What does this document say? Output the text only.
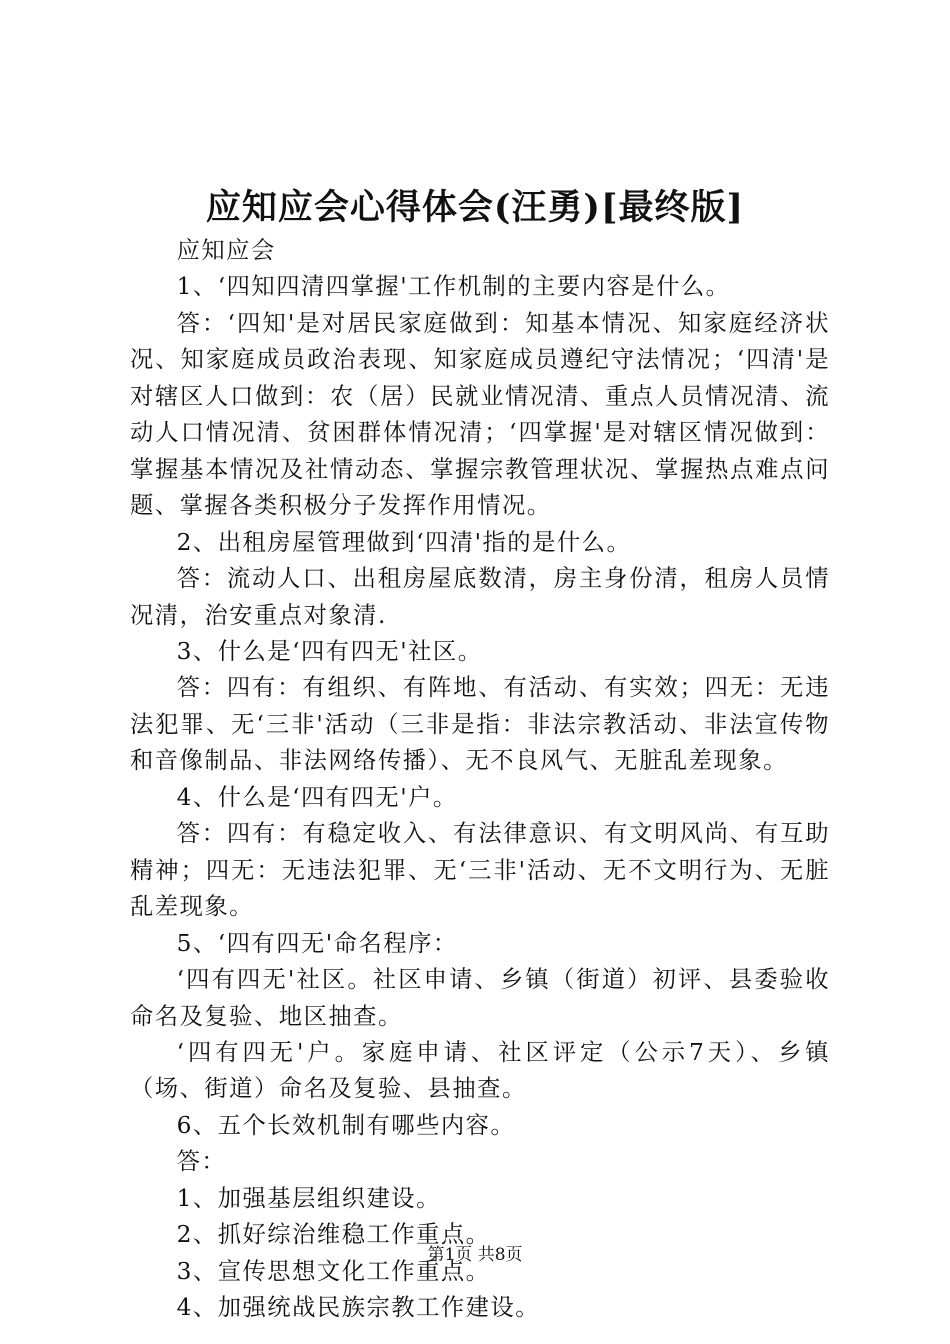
应知应会心得体会(汪勇)[最终版]

应知应会

1、‘四知四清四掌握'工作机制的主要内容是什么。

答：‘四知'是对居民家庭做到：知基本情况、知家庭经济状况、知家庭成员政治表现、知家庭成员遵纪守法情况；‘四清'是对辖区人口做到：农（居）民就业情况清、重点人员情况清、流动人口情况清、贫困群体情况清；‘四掌握'是对辖区情况做到：掌握基本情况及社情动态、掌握宗教管理状况、掌握热点难点问题、掌握各类积极分子发挥作用情况。

2、出租房屋管理做到‘四清'指的是什么。

答：流动人口、出租房屋底数清，房主身份清，租房人员情况清，治安重点对象清.

3、什么是‘四有四无'社区。

答：四有：有组织、有阵地、有活动、有实效；四无：无违法犯罪、无‘三非'活动（三非是指：非法宗教活动、非法宣传物和音像制品、非法网络传播）、无不良风气、无脏乱差现象。

4、什么是‘四有四无'户。

答：四有：有稳定收入、有法律意识、有文明风尚、有互助精神；四无：无违法犯罪、无‘三非'活动、无不文明行为、无脏乱差现象。

5、‘四有四无'命名程序：

‘四有四无'社区。社区申请、乡镇（街道）初评、县委验收命名及复验、地区抽查。

‘四有四无'户。家庭申请、社区评定（公示7天）、乡镇（场、街道）命名及复验、县抽查。

6、五个长效机制有哪些内容。

答：

1、加强基层组织建设。

2、抓好综治维稳工作重点。

3、宣传思想文化工作重点。

4、加强统战民族宗教工作建设。

第1页 共8页
